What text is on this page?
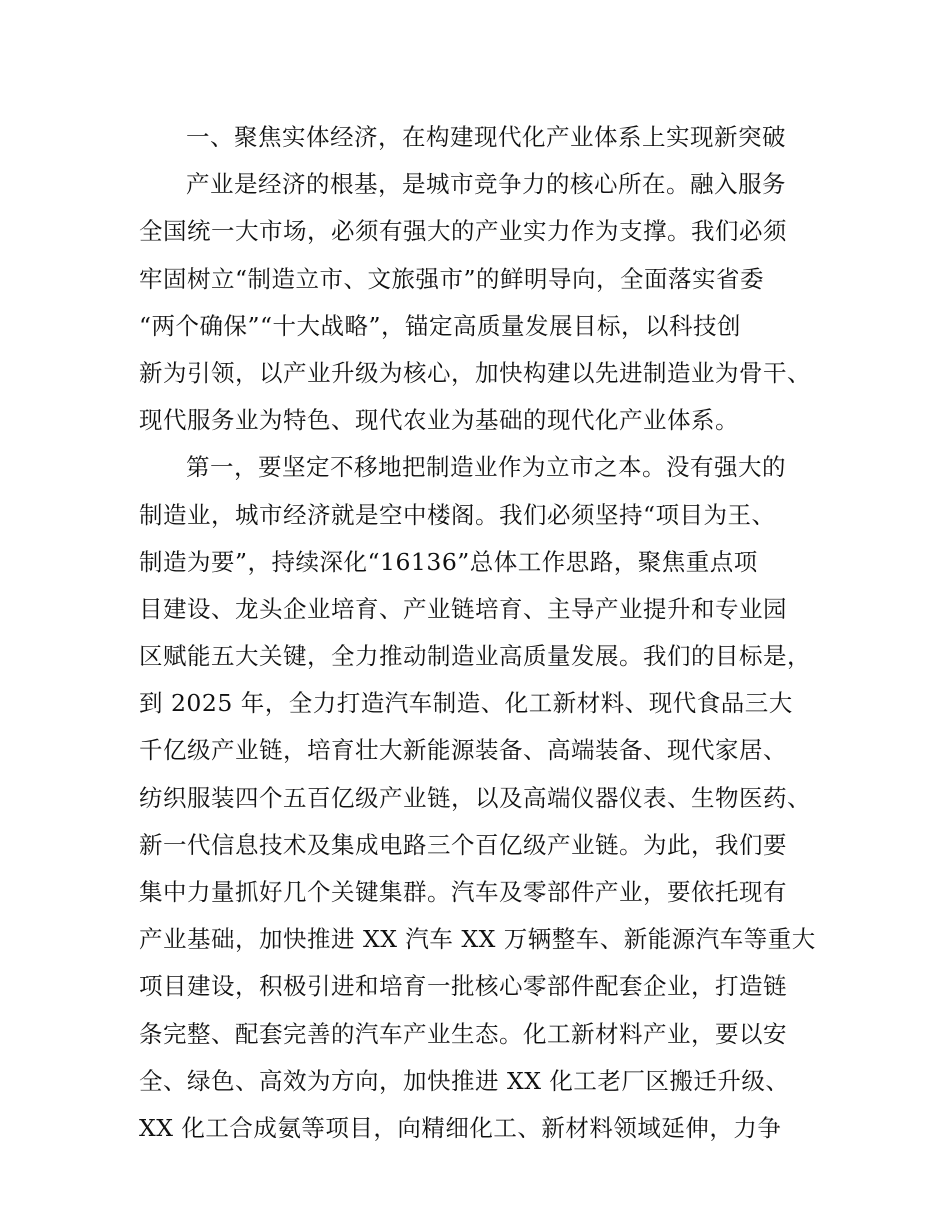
一、聚焦实体经济，在构建现代化产业体系上实现新突破
产业是经济的根基，是城市竞争力的核心所在。融入服务
全国统一大市场，必须有强大的产业实力作为支撑。我们必须
牢固树立“制造立市、文旅强市”的鲜明导向，全面落实省委
“两个确保”“十大战略”，锚定高质量发展目标，以科技创
新为引领，以产业升级为核心，加快构建以先进制造业为骨干、
现代服务业为特色、现代农业为基础的现代化产业体系。
第一，要坚定不移地把制造业作为立市之本。没有强大的
制造业，城市经济就是空中楼阁。我们必须坚持“项目为王、
制造为要”，持续深化“16136”总体工作思路，聚焦重点项
目建设、龙头企业培育、产业链培育、主导产业提升和专业园
区赋能五大关键，全力推动制造业高质量发展。我们的目标是，
到 2025 年，全力打造汽车制造、化工新材料、现代食品三大
千亿级产业链，培育壮大新能源装备、高端装备、现代家居、
纺织服装四个五百亿级产业链，以及高端仪器仪表、生物医药、
新一代信息技术及集成电路三个百亿级产业链。为此，我们要
集中力量抓好几个关键集群。汽车及零部件产业，要依托现有
产业基础，加快推进 XX 汽车 XX 万辆整车、新能源汽车等重大
项目建设，积极引进和培育一批核心零部件配套企业，打造链
条完整、配套完善的汽车产业生态。化工新材料产业，要以安
全、绿色、高效为方向，加快推进 XX 化工老厂区搬迁升级、
XX 化工合成氨等项目，向精细化工、新材料领域延伸，力争
